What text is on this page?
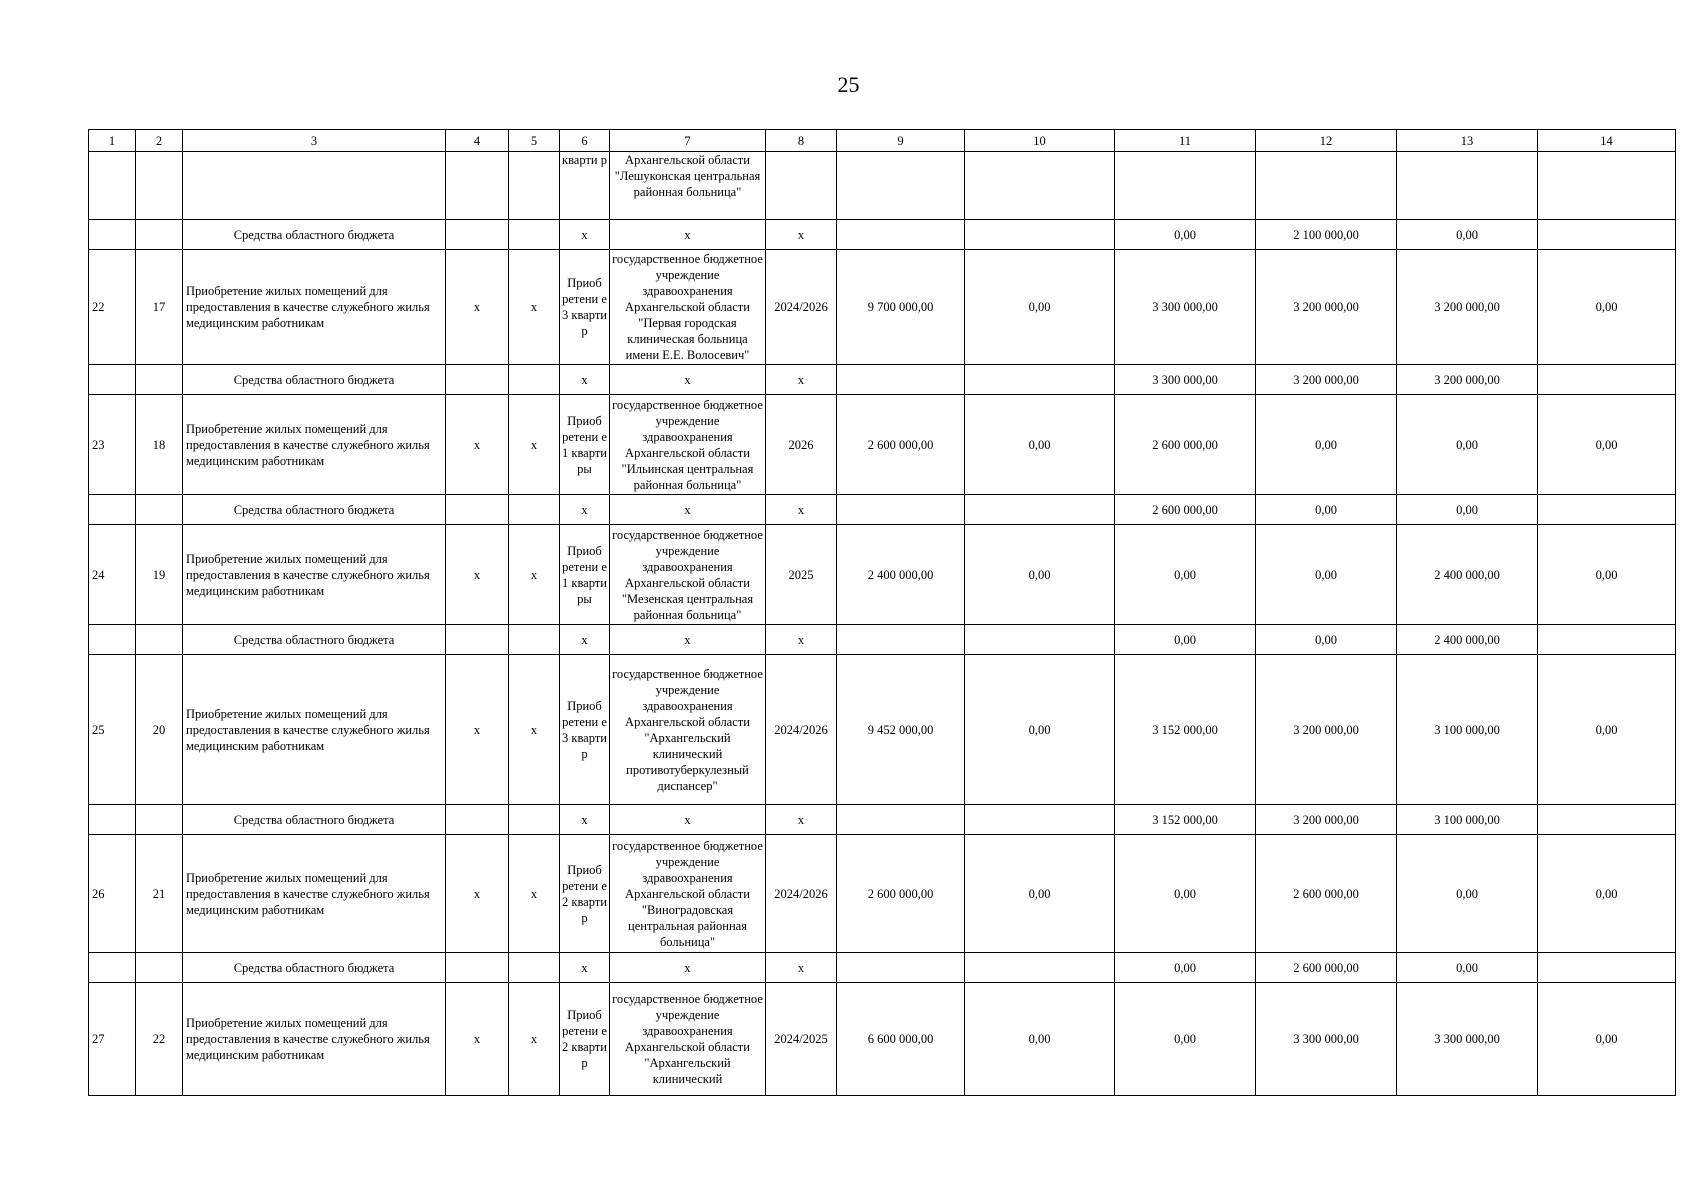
25
1	2	3	4	5	6	7	8	9	10	11	12	13	14
					кварти р	Архангельской области "Лешуконская центральная районная больница"							
		Средства областного бюджета			х	х	х			0,00	2 100 000,00	0,00	
22	17	Приобретение жилых помещений для предоставления в качестве служебного жилья медицинским работникам	х	х	Приоб ретени е 3 кварти р	государственное бюджетное учреждение здравоохранения Архангельской области "Первая городская клиническая больница имени Е.Е. Волосевич"	2024/2026	9 700 000,00	0,00	3 300 000,00	3 200 000,00	3 200 000,00	0,00
		Средства областного бюджета			х	х	х			3 300 000,00	3 200 000,00	3 200 000,00	
23	18	Приобретение жилых помещений для предоставления в качестве служебного жилья медицинским работникам	х	х	Приоб ретени е 1 кварти ры	государственное бюджетное учреждение здравоохранения Архангельской области "Ильинская центральная районная больница"	2026	2 600 000,00	0,00	2 600 000,00	0,00	0,00	0,00
		Средства областного бюджета			х	х	х			2 600 000,00	0,00	0,00	
24	19	Приобретение жилых помещений для предоставления в качестве служебного жилья медицинским работникам	х	х	Приоб ретени е 1 кварти ры	государственное бюджетное учреждение здравоохранения Архангельской области "Мезенская центральная районная больница"	2025	2 400 000,00	0,00	0,00	0,00	2 400 000,00	0,00
		Средства областного бюджета			х	х	х			0,00	0,00	2 400 000,00	
25	20	Приобретение жилых помещений для предоставления в качестве служебного жилья медицинским работникам	х	х	Приоб ретени е 3 кварти р	государственное бюджетное учреждение здравоохранения Архангельской области "Архангельский клинический противотуберкулезный диспансер"	2024/2026	9 452 000,00	0,00	3 152 000,00	3 200 000,00	3 100 000,00	0,00
		Средства областного бюджета			х	х	х			3 152 000,00	3 200 000,00	3 100 000,00	
26	21	Приобретение жилых помещений для предоставления в качестве служебного жилья медицинским работникам	х	х	Приоб ретени е 2 кварти р	государственное бюджетное учреждение здравоохранения Архангельской области "Виноградовская центральная районная больница"	2024/2026	2 600 000,00	0,00	0,00	2 600 000,00	0,00	0,00
		Средства областного бюджета			х	х	х			0,00	2 600 000,00	0,00	
27	22	Приобретение жилых помещений для предоставления в качестве служебного жилья медицинским работникам	х	х	Приоб ретени е 2 кварти р	государственное бюджетное учреждение здравоохранения Архангельской области "Архангельский клинический	2024/2025	6 600 000,00	0,00	0,00	3 300 000,00	3 300 000,00	0,00
